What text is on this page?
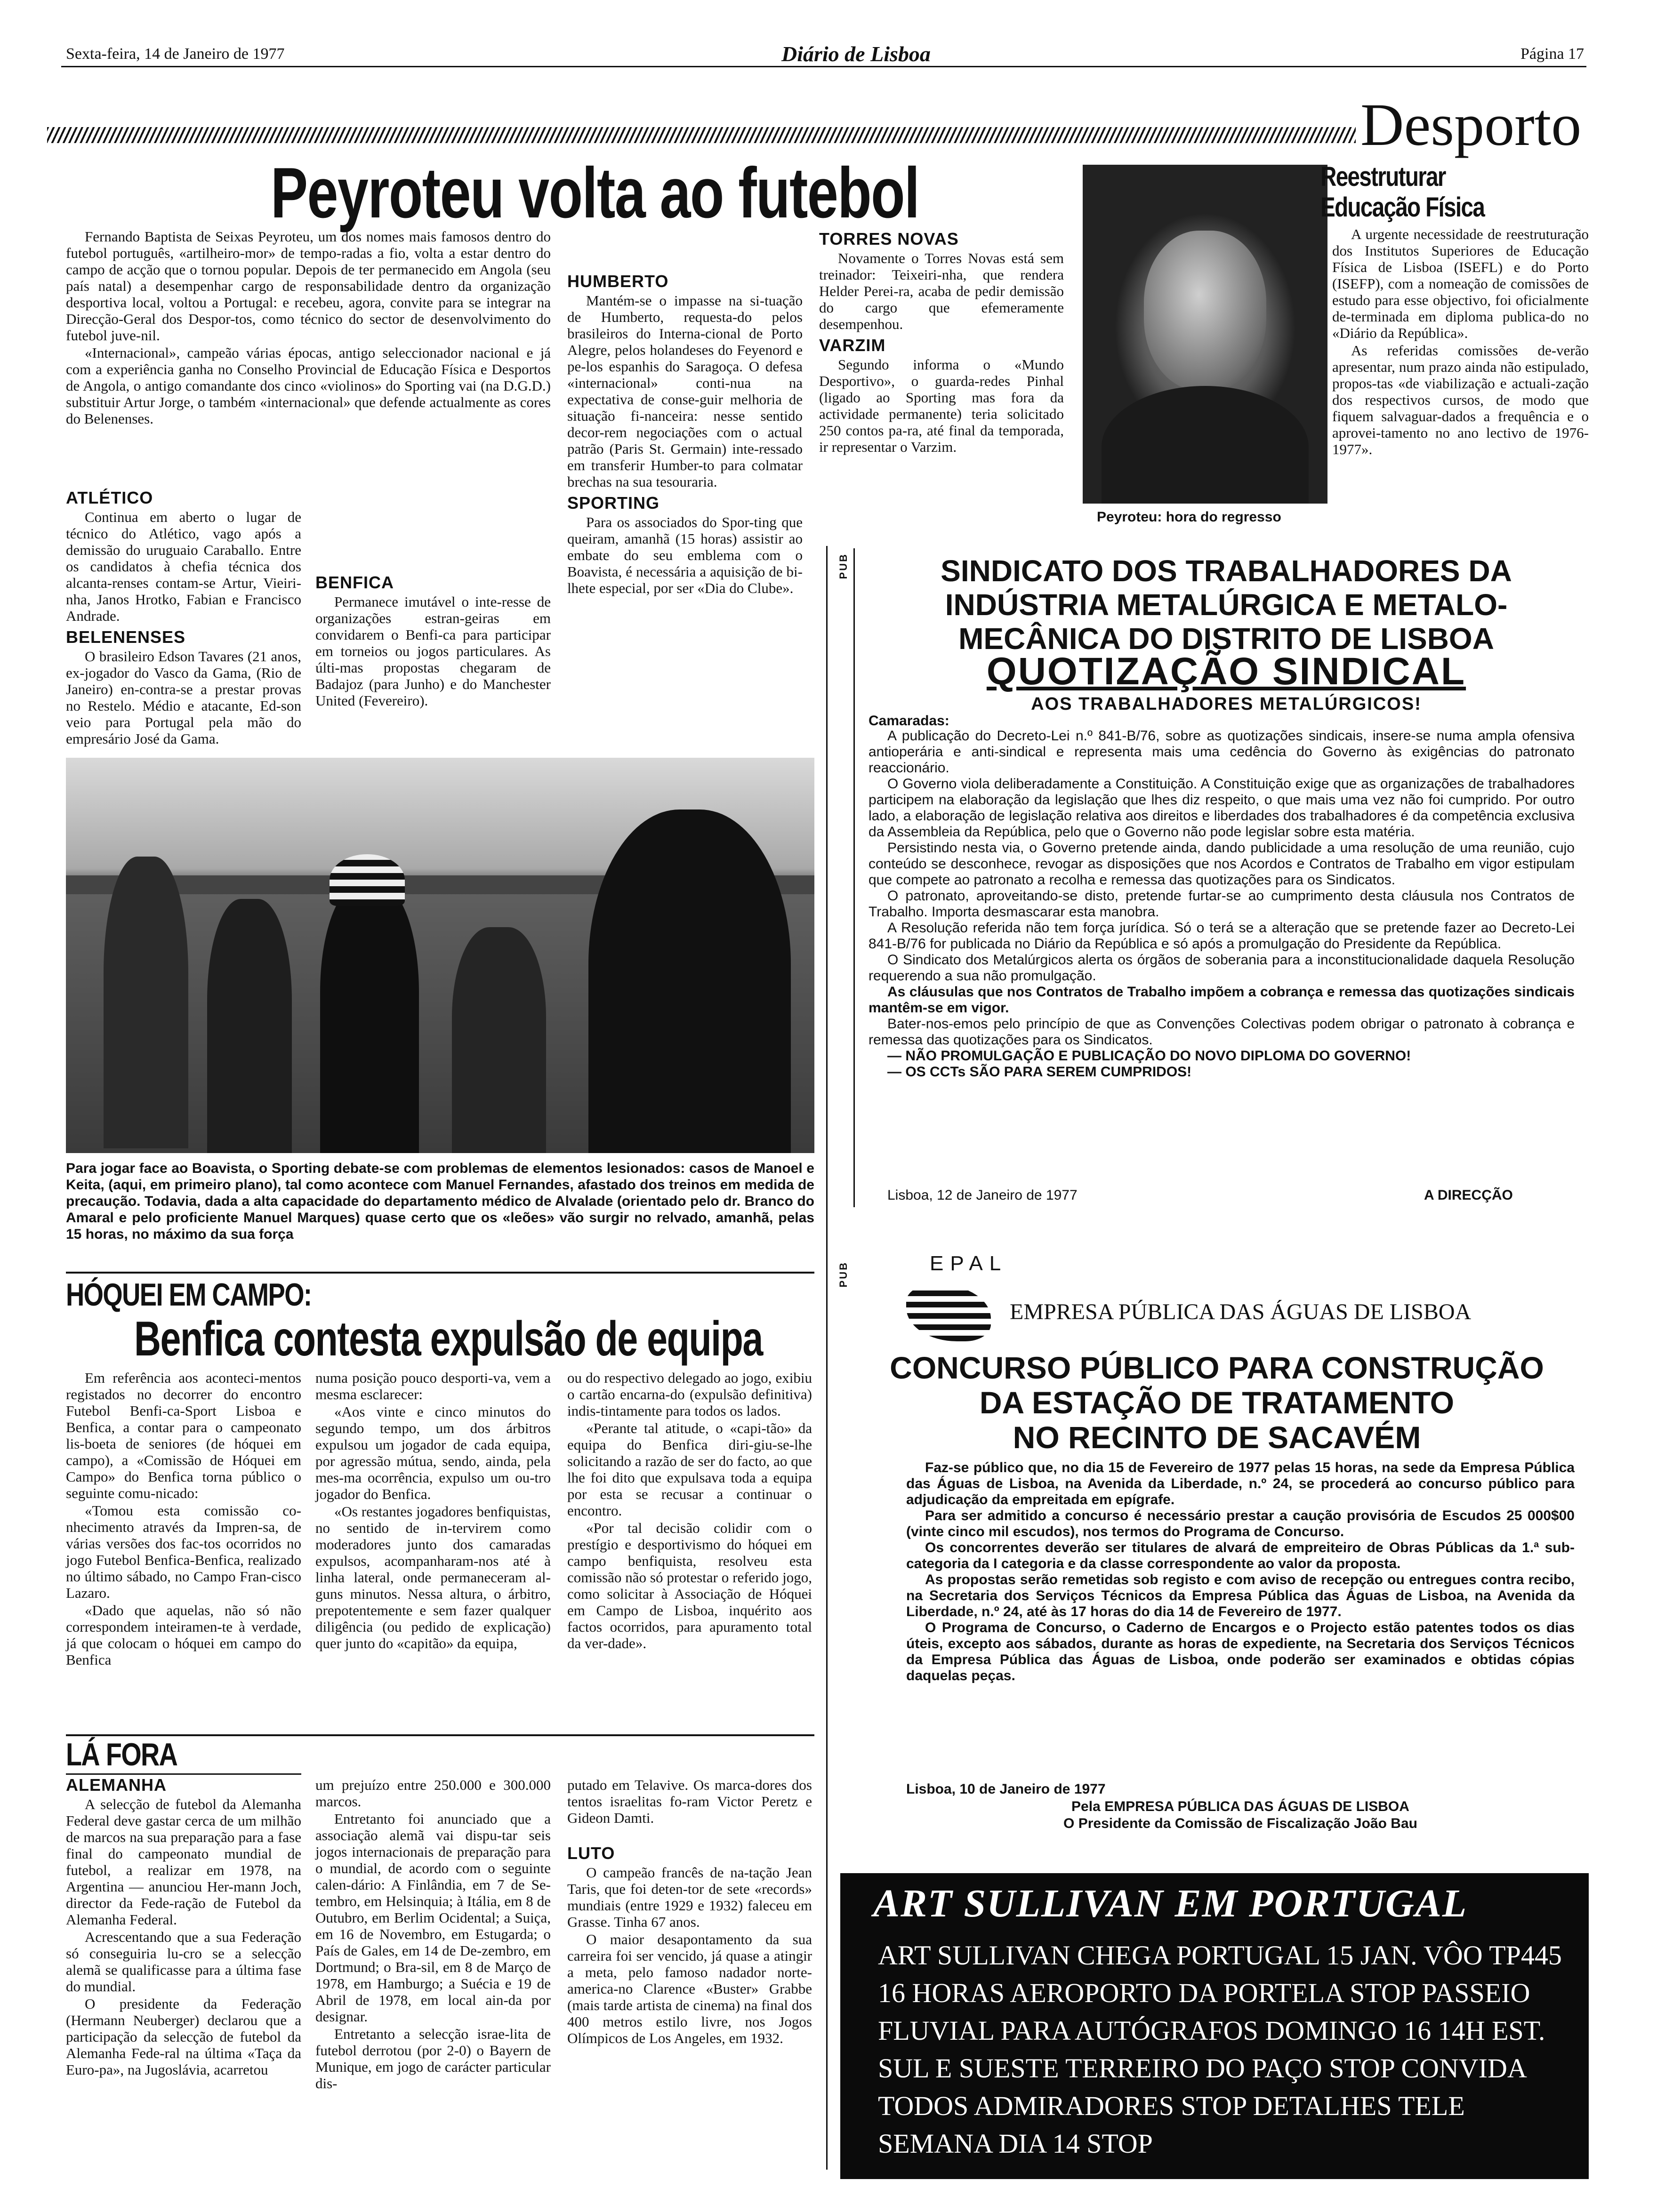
Sexta-feira, 14 de Janeiro de 1977	Diário de Lisboa	Página 17
Desporto
Peyroteu volta ao futebol

Fernando Baptista de Seixas Peyroteu, um dos nomes mais famosos dentro do futebol português, «artilheiro-mor» de tempo-radas a fio, volta a estar dentro do campo de acção que o tornou popular. Depois de ter permanecido em Angola (seu país natal) a desempenhar cargo de responsabilidade dentro da organização desportiva local, voltou a Portugal: e recebeu, agora, convite para se integrar na Direcção-Geral dos Despor-tos, como técnico do sector de desenvolvimento do futebol juve-nil.

«Internacional», campeão várias épocas, antigo seleccionador nacional e já com a experiência ganha no Conselho Provincial de Educação Física e Desportos de Angola, o antigo comandante dos cinco «violinos» do Sporting vai (na D.G.D.) substituir Artur Jorge, o também «internacional» que defende actualmente as cores do Belenenses.

ATLÉTICO

Continua em aberto o lugar de técnico do Atlético, vago após a demissão do uruguaio Caraballo. Entre os candidatos à chefia técnica dos alcanta-renses contam-se Artur, Vieiri-nha, Janos Hrotko, Fabian e Francisco Andrade.

BELENENSES

O brasileiro Edson Tavares (21 anos, ex-jogador do Vasco da Gama, (Rio de Janeiro) en-contra-se a prestar provas no Restelo. Médio e atacante, Ed-son veio para Portugal pela mão do empresário José da Gama.

BENFICA

Permanece imutável o inte-resse de organizações estran-geiras em convidarem o Benfi-ca para participar em torneios ou jogos particulares. As últi-mas propostas chegaram de Badajoz (para Junho) e do Manchester United (Fevereiro).

HUMBERTO

Mantém-se o impasse na si-tuação de Humberto, requesta-do pelos brasileiros do Interna-cional de Porto Alegre, pelos holandeses do Feyenord e pe-los espanhis do Saragoça. O defesa «internacional» conti-nua na expectativa de conse-guir melhoria de situação fi-nanceira: nesse sentido decor-rem negociações com o actual patrão (Paris St. Germain) inte-ressado em transferir Humber-to para colmatar brechas na sua tesouraria.

SPORTING

Para os associados do Spor-ting que queiram, amanhã (15 horas) assistir ao embate do seu emblema com o Boavista, é necessária a aquisição de bi-lhete especial, por ser «Dia do Clube».

TORRES NOVAS

Novamente o Torres Novas está sem treinador: Teixeiri-nha, que rendera Helder Perei-ra, acaba de pedir demissão do cargo que efemeramente desempenhou.

VARZIM

Segundo informa o «Mundo Desportivo», o guarda-redes Pinhal (ligado ao Sporting mas fora da actividade permanente) teria solicitado 250 contos pa-ra, até final da temporada, ir representar o Varzim.

Peyroteu: hora do regresso
Reestruturar
Educação Física

A urgente necessidade de reestruturação dos Institutos Superiores de Educação Física de Lisboa (ISEFL) e do Porto (ISEFP), com a nomeação de comissões de estudo para esse objectivo, foi oficialmente de-terminada em diploma publica-do no «Diário da República».

As referidas comissões de-verão apresentar, num prazo ainda não estipulado, propos-tas «de viabilização e actuali-zação dos respectivos cursos, de modo que fiquem salvaguar-dados a frequência e o aprovei-tamento no ano lectivo de 1976-1977».

Para jogar face ao Boavista, o Sporting debate-se com problemas de elementos lesionados: casos de Manoel e Keita, (aqui, em primeiro plano), tal como acontece com Manuel Fernandes, afastado dos treinos em medida de precaução. Todavia, dada a alta capacidade do departamento médico de Alvalade (orientado pelo dr. Branco do Amaral e pelo proficiente Manuel Marques) quase certo que os «leões» vão surgir no relvado, amanhã, pelas 15 horas, no máximo da sua força
HÓQUEI EM CAMPO:
Benfica contesta expulsão de equipa

Em referência aos aconteci-mentos registados no decorrer do encontro Futebol Benfi-ca-Sport Lisboa e Benfica, a contar para o campeonato lis-boeta de seniores (de hóquei em campo), a «Comissão de Hóquei em Campo» do Benfica torna público o seguinte comu-nicado:

«Tomou esta comissão co-nhecimento através da Impren-sa, de várias versões dos fac-tos ocorridos no jogo Futebol Benfica-Benfica, realizado no último sábado, no Campo Fran-cisco Lazaro.

«Dado que aquelas, não só não correspondem inteiramen-te à verdade, já que colocam o hóquei em campo do Benfica

numa posição pouco desporti-va, vem a mesma esclarecer:

«Aos vinte e cinco minutos do segundo tempo, um dos árbitros expulsou um jogador de cada equipa, por agressão mútua, sendo, ainda, pela mes-ma ocorrência, expulso um ou-tro jogador do Benfica.

«Os restantes jogadores benfiquistas, no sentido de in-tervirem como moderadores junto dos camaradas expulsos, acompanharam-nos até à linha lateral, onde permaneceram al-guns minutos. Nessa altura, o árbitro, prepotentemente e sem fazer qualquer diligência (ou pedido de explicação) quer junto do «capitão» da equipa,

ou do respectivo delegado ao jogo, exibiu o cartão encarna-do (expulsão definitiva) indis-tintamente para todos os lados.

«Perante tal atitude, o «capi-tão» da equipa do Benfica diri-giu-se-lhe solicitando a razão de ser do facto, ao que lhe foi dito que expulsava toda a equipa por esta se recusar a continuar o encontro.

«Por tal decisão colidir com o prestígio e desportivismo do hóquei em campo benfiquista, resolveu esta comissão não só protestar o referido jogo, como solicitar à Associação de Hóquei em Campo de Lisboa, inquérito aos factos ocorridos, para apuramento total da ver-dade».

LÁ FORA
ALEMANHA

A selecção de futebol da Alemanha Federal deve gastar cerca de um milhão de marcos na sua preparação para a fase final do campeonato mundial de futebol, a realizar em 1978, na Argentina — anunciou Her-mann Joch, director da Fede-ração de Futebol da Alemanha Federal.

Acrescentando que a sua Federação só conseguiria lu-cro se a selecção alemã se qualificasse para a última fase do mundial.

O presidente da Federação (Hermann Neuberger) declarou que a participação da selecção de futebol da Alemanha Fede-ral na última «Taça da Euro-pa», na Jugoslávia, acarretou

um prejuízo entre 250.000 e 300.000 marcos.

Entretanto foi anunciado que a associação alemã vai dispu-tar seis jogos internacionais de preparação para o mundial, de acordo com o seguinte calen-dário: A Finlândia, em 7 de Se-tembro, em Helsinquia; à Itália, em 8 de Outubro, em Berlim Ocidental; a Suiça, em 16 de Novembro, em Estugarda; o País de Gales, em 14 de De-zembro, em Dortmund; o Bra-sil, em 8 de Março de 1978, em Hamburgo; a Suécia e 19 de Abril de 1978, em local ain-da por designar.

Entretanto a selecção israe-lita de futebol derrotou (por 2-0) o Bayern de Munique, em jogo de carácter particular dis-

putado em Telavive. Os marca-dores dos tentos israelitas fo-ram Victor Peretz e Gideon Damti.

LUTO

O campeão francês de na-tação Jean Taris, que foi deten-tor de sete «records» mundiais (entre 1929 e 1932) faleceu em Grasse. Tinha 67 anos.

O maior desapontamento da sua carreira foi ser vencido, já quase a atingir a meta, pelo famoso nadador norte-america-no Clarence «Buster» Grabbe (mais tarde artista de cinema) na final dos 400 metros estilo livre, nos Jogos Olímpicos de Los Angeles, em 1932.

PUB	SINDICATO DOS TRABALHADORES DA INDÚSTRIA METALÚRGICA E METALO-MECÂNICA DO DISTRITO DE LISBOA
QUOTIZAÇÃO SINDICAL
AOS TRABALHADORES METALÚRGICOS!
Camaradas:

A publicação do Decreto-Lei n.º 841-B/76, sobre as quotizações sindicais, insere-se numa ampla ofensiva antioperária e anti-sindical e representa mais uma cedência do Governo às exigências do patronato reaccionário.

O Governo viola deliberadamente a Constituição. A Constituição exige que as organizações de trabalhadores participem na elaboração da legislação que lhes diz respeito, o que mais uma vez não foi cumprido. Por outro lado, a elaboração de legislação relativa aos direitos e liberdades dos trabalhadores é da competência exclusiva da Assembleia da República, pelo que o Governo não pode legislar sobre esta matéria.

Persistindo nesta via, o Governo pretende ainda, dando publicidade a uma resolução de uma reunião, cujo conteúdo se desconhece, revogar as disposições que nos Acordos e Contratos de Trabalho em vigor estipulam que compete ao patronato a recolha e remessa das quotizações para os Sindicatos.

O patronato, aproveitando-se disto, pretende furtar-se ao cumprimento desta cláusula nos Contratos de Trabalho. Importa desmascarar esta manobra.

A Resolução referida não tem força jurídica. Só o terá se a alteração que se pretende fazer ao Decreto-Lei 841-B/76 for publicada no Diário da República e só após a promulgação do Presidente da República.

O Sindicato dos Metalúrgicos alerta os órgãos de soberania para a inconstitucionalidade daquela Resolução requerendo a sua não promulgação.

As cláusulas que nos Contratos de Trabalho impõem a cobrança e remessa das quotizações sindicais mantêm-se em vigor.

Bater-nos-emos pelo princípio de que as Convenções Colectivas podem obrigar o patronato à cobrança e remessa das quotizações para os Sindicatos.

— NÃO PROMULGAÇÃO E PUBLICAÇÃO DO NOVO DIPLOMA DO GOVERNO!

— OS CCTs SÃO PARA SEREM CUMPRIDOS!

Lisboa, 12 de Janeiro de 1977	A DIRECÇÃO
PUB	EPAL
EMPRESA PÚBLICA DAS ÁGUAS DE LISBOA
CONCURSO PÚBLICO PARA CONSTRUÇÃO
DA ESTAÇÃO DE TRATAMENTO
NO RECINTO DE SACAVÉM

Faz-se público que, no dia 15 de Fevereiro de 1977 pelas 15 horas, na sede da Empresa Pública das Águas de Lisboa, na Avenida da Liberdade, n.º 24, se procederá ao concurso público para adjudicação da empreitada em epígrafe.

Para ser admitido a concurso é necessário prestar a caução provisória de Escudos 25 000$00 (vinte cinco mil escudos), nos termos do Programa de Concurso.

Os concorrentes deverão ser titulares de alvará de empreiteiro de Obras Públicas da 1.ª sub-categoria da I categoria e da classe correspondente ao valor da proposta.

As propostas serão remetidas sob registo e com aviso de recepção ou entregues contra recibo, na Secretaria dos Serviços Técnicos da Empresa Pública das Águas de Lisboa, na Avenida da Liberdade, n.º 24, até às 17 horas do dia 14 de Fevereiro de 1977.

O Programa de Concurso, o Caderno de Encargos e o Projecto estão patentes todos os dias úteis, excepto aos sábados, durante as horas de expediente, na Secretaria dos Serviços Técnicos da Empresa Pública das Águas de Lisboa, onde poderão ser examinados e obtidas cópias daquelas peças.

Lisboa, 10 de Janeiro de 1977
Pela EMPRESA PÚBLICA DAS ÁGUAS DE LISBOA
O Presidente da Comissão de Fiscalização João Bau
ART SULLIVAN EM PORTUGAL
ART SULLIVAN CHEGA PORTUGAL 15 JAN. VÔO TP445
16 HORAS AEROPORTO DA PORTELA STOP PASSEIO
FLUVIAL PARA AUTÓGRAFOS DOMINGO 16 14H EST.
SUL E SUESTE TERREIRO DO PAÇO STOP CONVIDA
TODOS ADMIRADORES STOP DETALHES TELE
SEMANA DIA 14 STOP
